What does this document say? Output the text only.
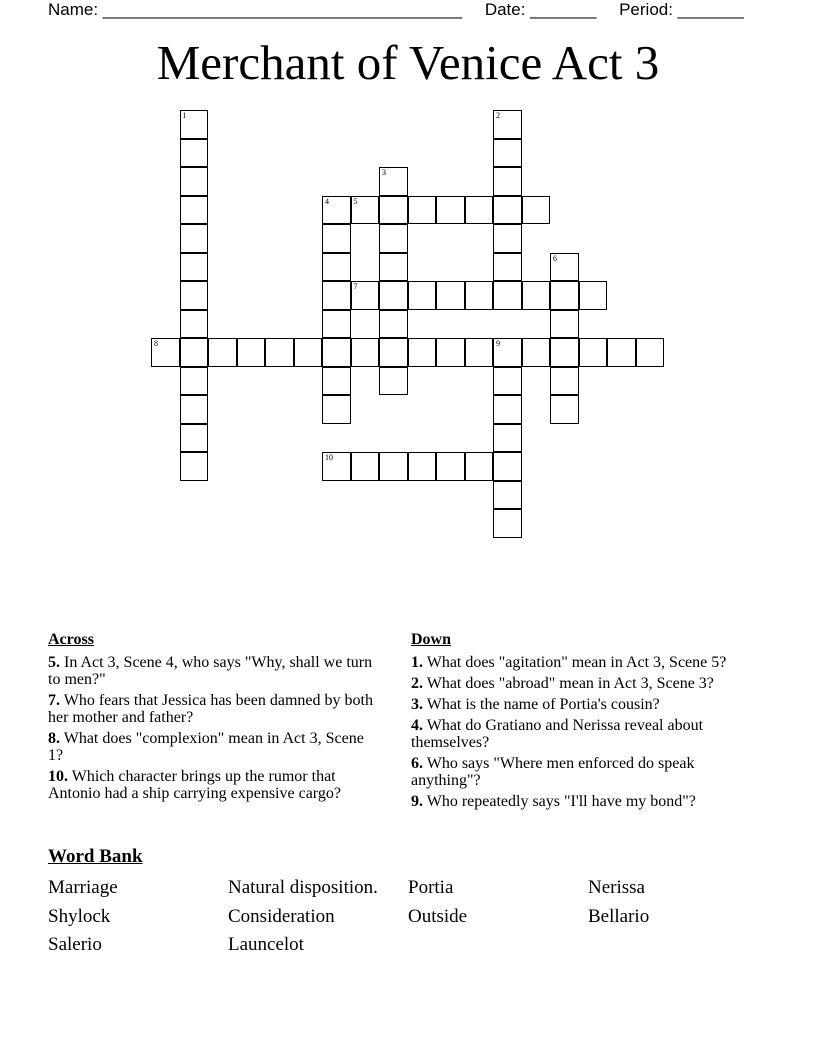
Name: ______________________________________ Date: _______ Period: _______
Merchant of Venice Act 3
1	2
3
4	5
6
7
8	9
10
Across
5. In Act 3, Scene 4, who says "Why, shall we turn to men?"
7. Who fears that Jessica has been damned by both her mother and father?
8. What does "complexion" mean in Act 3, Scene 1?
10. Which character brings up the rumor that Antonio had a ship carrying expensive cargo?
Down
1. What does "agitation" mean in Act 3, Scene 5?
2. What does "abroad" mean in Act 3, Scene 3?
3. What is the name of Portia's cousin?
4. What do Gratiano and Nerissa reveal about themselves?
6. Who says "Where men enforced do speak anything"?
9. Who repeatedly says "I'll have my bond"?
Word Bank
Marriage	Natural disposition.	Portia	Nerissa
Shylock	Consideration	Outside	Bellario
Salerio	Launcelot
